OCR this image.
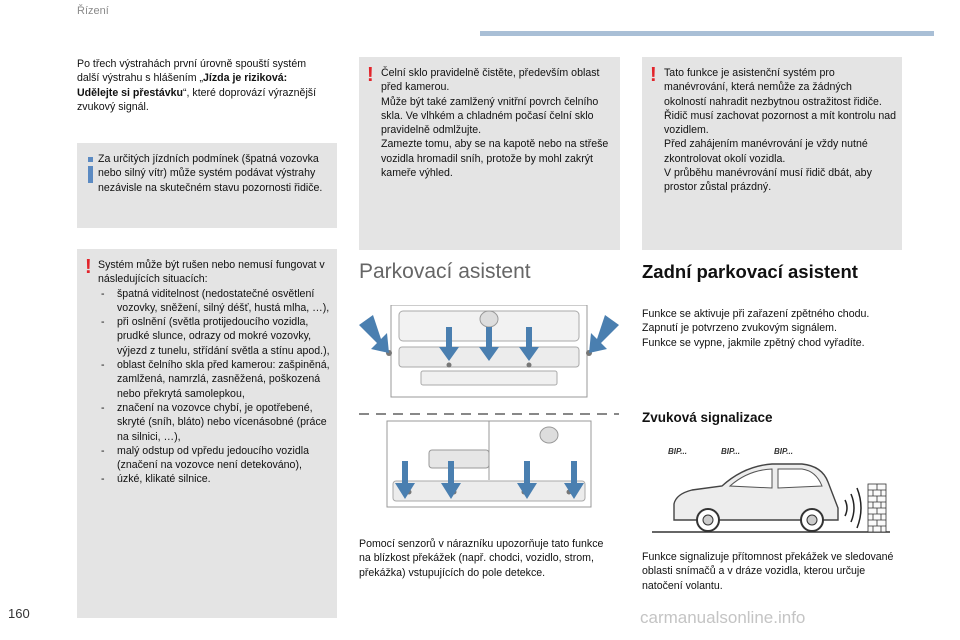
Řízení
Po třech výstrahách první úrovně spouští systém další výstrahu s hlášením „Jízda je riziková: Udělejte si přestávku“, které doprovází výraznější zvukový signál.
Za určitých jízdních podmínek (špatná vozovka nebo silný vítr) může systém podávat výstrahy nezávisle na skutečném stavu pozornosti řidiče.
! Systém může být rušen nebo nemusí fungovat v následujících situacích:
- špatná viditelnost (nedostatečné osvětlení vozovky, sněžení, silný déšť, hustá mlha, …),
- při oslnění (světla protijedoucího vozidla, prudké slunce, odrazy od mokré vozovky, výjezd z tunelu, střídání světla a stínu apod.),
- oblast čelního skla před kamerou: zašpiněná, zamlžená, namrzlá, zasněžená, poškozená nebo překrytá samolepkou,
- značení na vozovce chybí, je opotřebené, skryté (sníh, bláto) nebo vícenásobné (práce na silnici, …),
- malý odstup od vpředu jedoucího vozidla (značení na vozovce není detekováno),
- úzké, klikaté silnice.
! Čelní sklo pravidelně čistěte, především oblast před kamerou.
Může být také zamlžený vnitřní povrch čelního skla. Ve vlhkém a chladném počasí čelní sklo pravidelně odmlžujte.
Zamezte tomu, aby se na kapotě nebo na střeše vozidla hromadil sníh, protože by mohl zakrýt kameře výhled.
Parkovací asistent
Pomocí senzorů v nárazníku upozorňuje tato funkce na blízkost překážek (např. chodci, vozidlo, strom, překážka) vstupujících do pole detekce.
! Tato funkce je asistenční systém pro manévrování, která nemůže za žádných okolností nahradit nezbytnou ostražitost řidiče.
Řidič musí zachovat pozornost a mít kontrolu nad vozidlem.
Před zahájením manévrování je vždy nutné zkontrolovat okolí vozidla.
V průběhu manévrování musí řidič dbát, aby prostor zůstal prázdný.
Zadní parkovací asistent
Funkce se aktivuje při zařazení zpětného chodu.
Zapnutí je potvrzeno zvukovým signálem.
Funkce se vypne, jakmile zpětný chod vyřadíte.
Zvuková signalizace
BIP...	BIP...	BIP...
Funkce signalizuje přítomnost překážek ve sledované oblasti snímačů a v dráze vozidla, kterou určuje natočení volantu.
160	carmanualsonline.info
